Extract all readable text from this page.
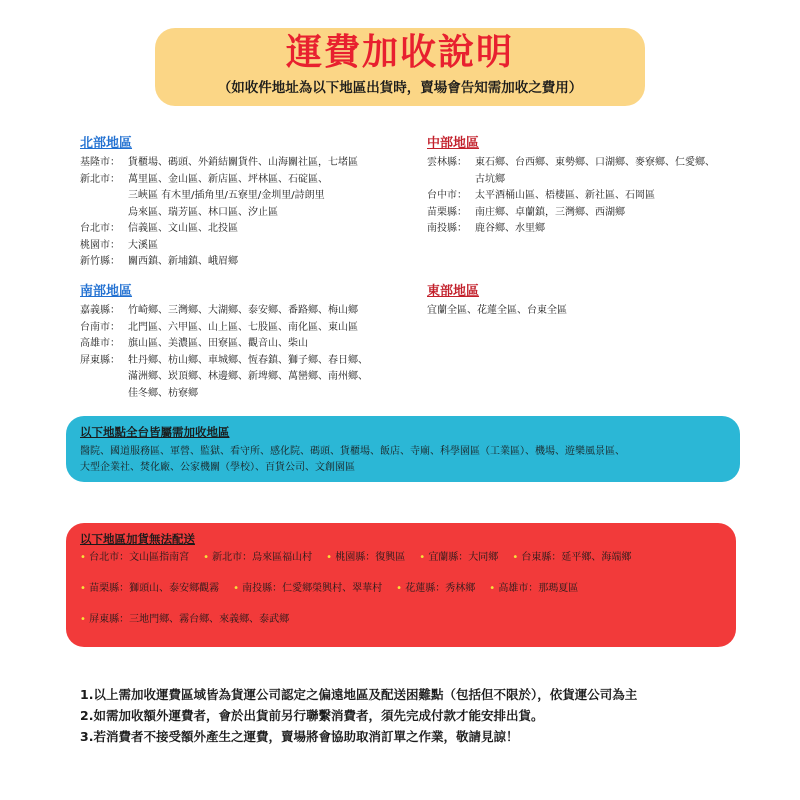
運費加收說明
（如收件地址為以下地區出貨時，賣場會告知需加收之費用）
北部地區
基隆市： 貨櫃場、碼頭、外銷結關貨件、山海關社區，七堵區
新北市： 萬里區、金山區、新店區、坪林區、石碇區、
三峽區 有木里/插角里/五寮里/金圳里/詩朗里
烏來區、瑞芳區、林口區、汐止區
台北市： 信義區、文山區、北投區
桃園市： 大溪區
新竹縣： 關西鎮、新埔鎮、峨眉鄉
中部地區
雲林縣： 東石鄉、台西鄉、東勢鄉、口湖鄉、麥寮鄉、仁愛鄉、
古坑鄉
台中市： 太平酒桶山區、梧棲區、新社區、石岡區
苗栗縣： 南庄鄉、卓蘭鎮，三灣鄉、西湖鄉
南投縣： 鹿谷鄉、水里鄉
南部地區
嘉義縣： 竹崎鄉、三灣鄉、大湖鄉、泰安鄉、番路鄉、梅山鄉
台南市： 北門區、六甲區、山上區、七股區、南化區、東山區
高雄市： 旗山區、美濃區、田寮區、觀音山、柴山
屏東縣： 牡丹鄉、枋山鄉、車城鄉、恆春鎮、獅子鄉、春日鄉、
滿洲鄉、崁頂鄉、林邊鄉、新埤鄉、萬巒鄉、南州鄉、
佳冬鄉、枋寮鄉
東部地區
宜蘭全區、花蓮全區、台東全區
以下地點全台皆屬需加收地區
醫院、國道服務區、軍營、監獄、看守所、感化院、碼頭、貨櫃場、飯店、寺廟、科學園區（工業區）、機場、遊樂風景區、
大型企業社、焚化廠、公家機關（學校）、百貨公司、文創園區
以下地區加貨無法配送
• 台北市：文山區指南宮	• 新北市：烏來區福山村	• 桃園縣：復興區	• 宜蘭縣：大同鄉	• 台東縣：延平鄉、海端鄉
• 苗栗縣：獅頭山、泰安鄉觀霧	• 南投縣：仁愛鄉榮興村、翠華村	• 花蓮縣：秀林鄉	• 高雄市：那瑪夏區
• 屏東縣：三地門鄉、霧台鄉、來義鄉、泰武鄉
1.以上需加收運費區域皆為貨運公司認定之偏遠地區及配送困難點（包括但不限於），依貨運公司為主
2.如需加收額外運費者，會於出貨前另行聯繫消費者，須先完成付款才能安排出貨。
3.若消費者不接受額外產生之運費，賣場將會協助取消訂單之作業，敬請見諒！
